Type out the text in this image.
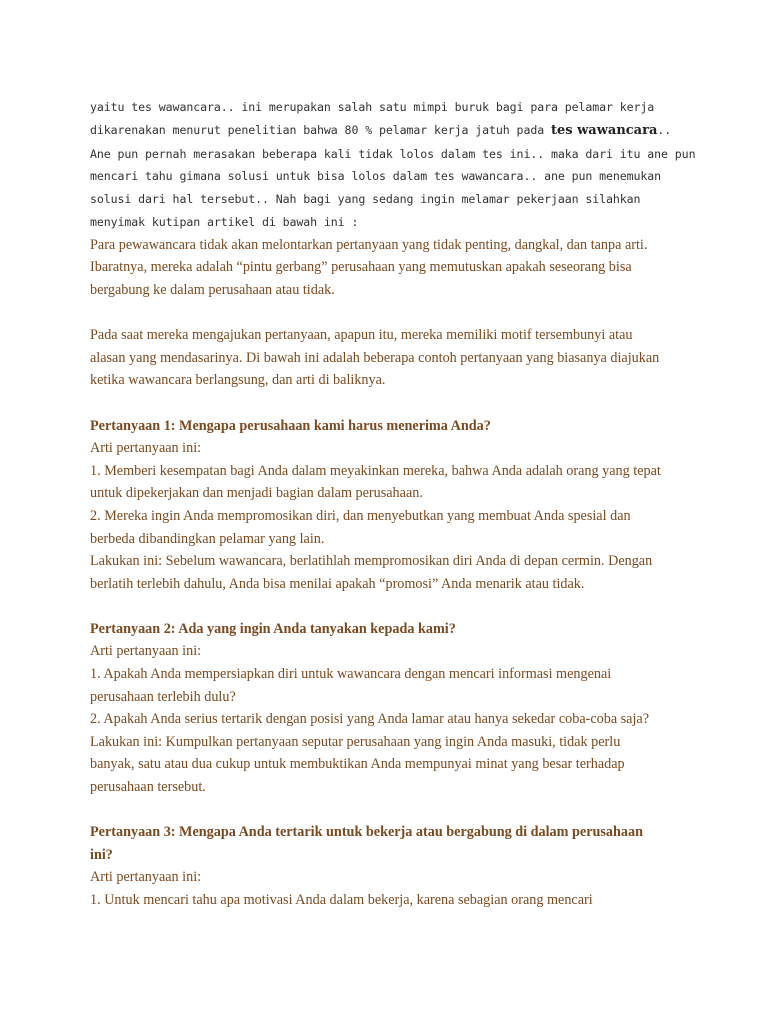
yaitu tes wawancara.. ini merupakan salah satu mimpi buruk bagi para pelamar kerja

dikarenakan menurut penelitian bahwa 80 % pelamar kerja jatuh pada tes wawancara..

Ane pun pernah merasakan beberapa kali tidak lolos dalam tes ini.. maka dari itu ane pun

mencari tahu gimana solusi untuk bisa lolos dalam tes wawancara.. ane pun menemukan

solusi dari hal tersebut.. Nah bagi yang sedang ingin melamar pekerjaan silahkan

menyimak kutipan artikel di bawah ini :

Para pewawancara tidak akan melontarkan pertanyaan yang tidak penting, dangkal, dan tanpa arti.

Ibaratnya, mereka adalah “pintu gerbang” perusahaan yang memutuskan apakah seseorang bisa

bergabung ke dalam perusahaan atau tidak.

Pada saat mereka mengajukan pertanyaan, apapun itu, mereka memiliki motif tersembunyi atau

alasan yang mendasarinya. Di bawah ini adalah beberapa contoh pertanyaan yang biasanya diajukan

ketika wawancara berlangsung, dan arti di baliknya.

Pertanyaan 1: Mengapa perusahaan kami harus menerima Anda?

Arti pertanyaan ini:

1. Memberi kesempatan bagi Anda dalam meyakinkan mereka, bahwa Anda adalah orang yang tepat

untuk dipekerjakan dan menjadi bagian dalam perusahaan.

2. Mereka ingin Anda mempromosikan diri, dan menyebutkan yang membuat Anda spesial dan

berbeda dibandingkan pelamar yang lain.

Lakukan ini: Sebelum wawancara, berlatihlah mempromosikan diri Anda di depan cermin. Dengan

berlatih terlebih dahulu, Anda bisa menilai apakah “promosi” Anda menarik atau tidak.

Pertanyaan 2: Ada yang ingin Anda tanyakan kepada kami?

Arti pertanyaan ini:

1. Apakah Anda mempersiapkan diri untuk wawancara dengan mencari informasi mengenai

perusahaan terlebih dulu?

2. Apakah Anda serius tertarik dengan posisi yang Anda lamar atau hanya sekedar coba-coba saja?

Lakukan ini: Kumpulkan pertanyaan seputar perusahaan yang ingin Anda masuki, tidak perlu

banyak, satu atau dua cukup untuk membuktikan Anda mempunyai minat yang besar terhadap

perusahaan tersebut.

Pertanyaan 3: Mengapa Anda tertarik untuk bekerja atau bergabung di dalam perusahaan

ini?

Arti pertanyaan ini:

1. Untuk mencari tahu apa motivasi Anda dalam bekerja, karena sebagian orang mencari
